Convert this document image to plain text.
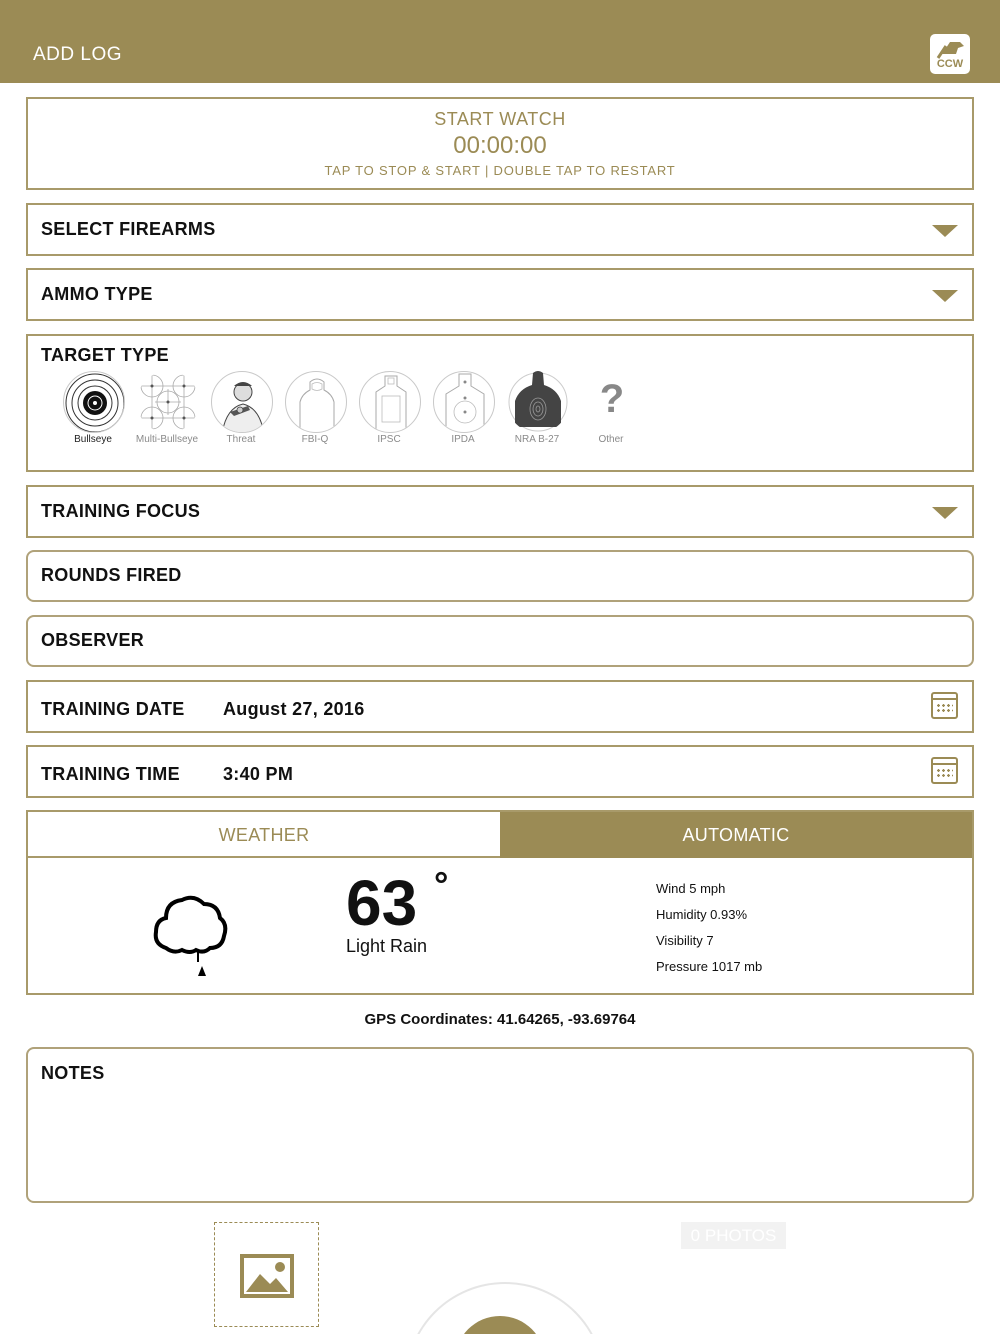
ADD LOG	CCW
START WATCH
00:00:00
TAP TO STOP & START | DOUBLE TAP TO RESTART
SELECT FIREARMS
AMMO TYPE
TARGET TYPE
Bullseye	Multi-Bullseye	Threat	FBI-Q	IPSC	IPDA	NRA B-27
?
Other
TRAINING FOCUS
ROUNDS FIRED
OBSERVER
TRAINING DATE August 27, 2016
TRAINING TIME 3:40 PM
WEATHER	AUTOMATIC
63 °
Light Rain
Wind 5 mph
Humidity 0.93%
Visibility 7
Pressure 1017 mb
GPS Coordinates: 41.64265, -93.69764
NOTES
0 PHOTOS
